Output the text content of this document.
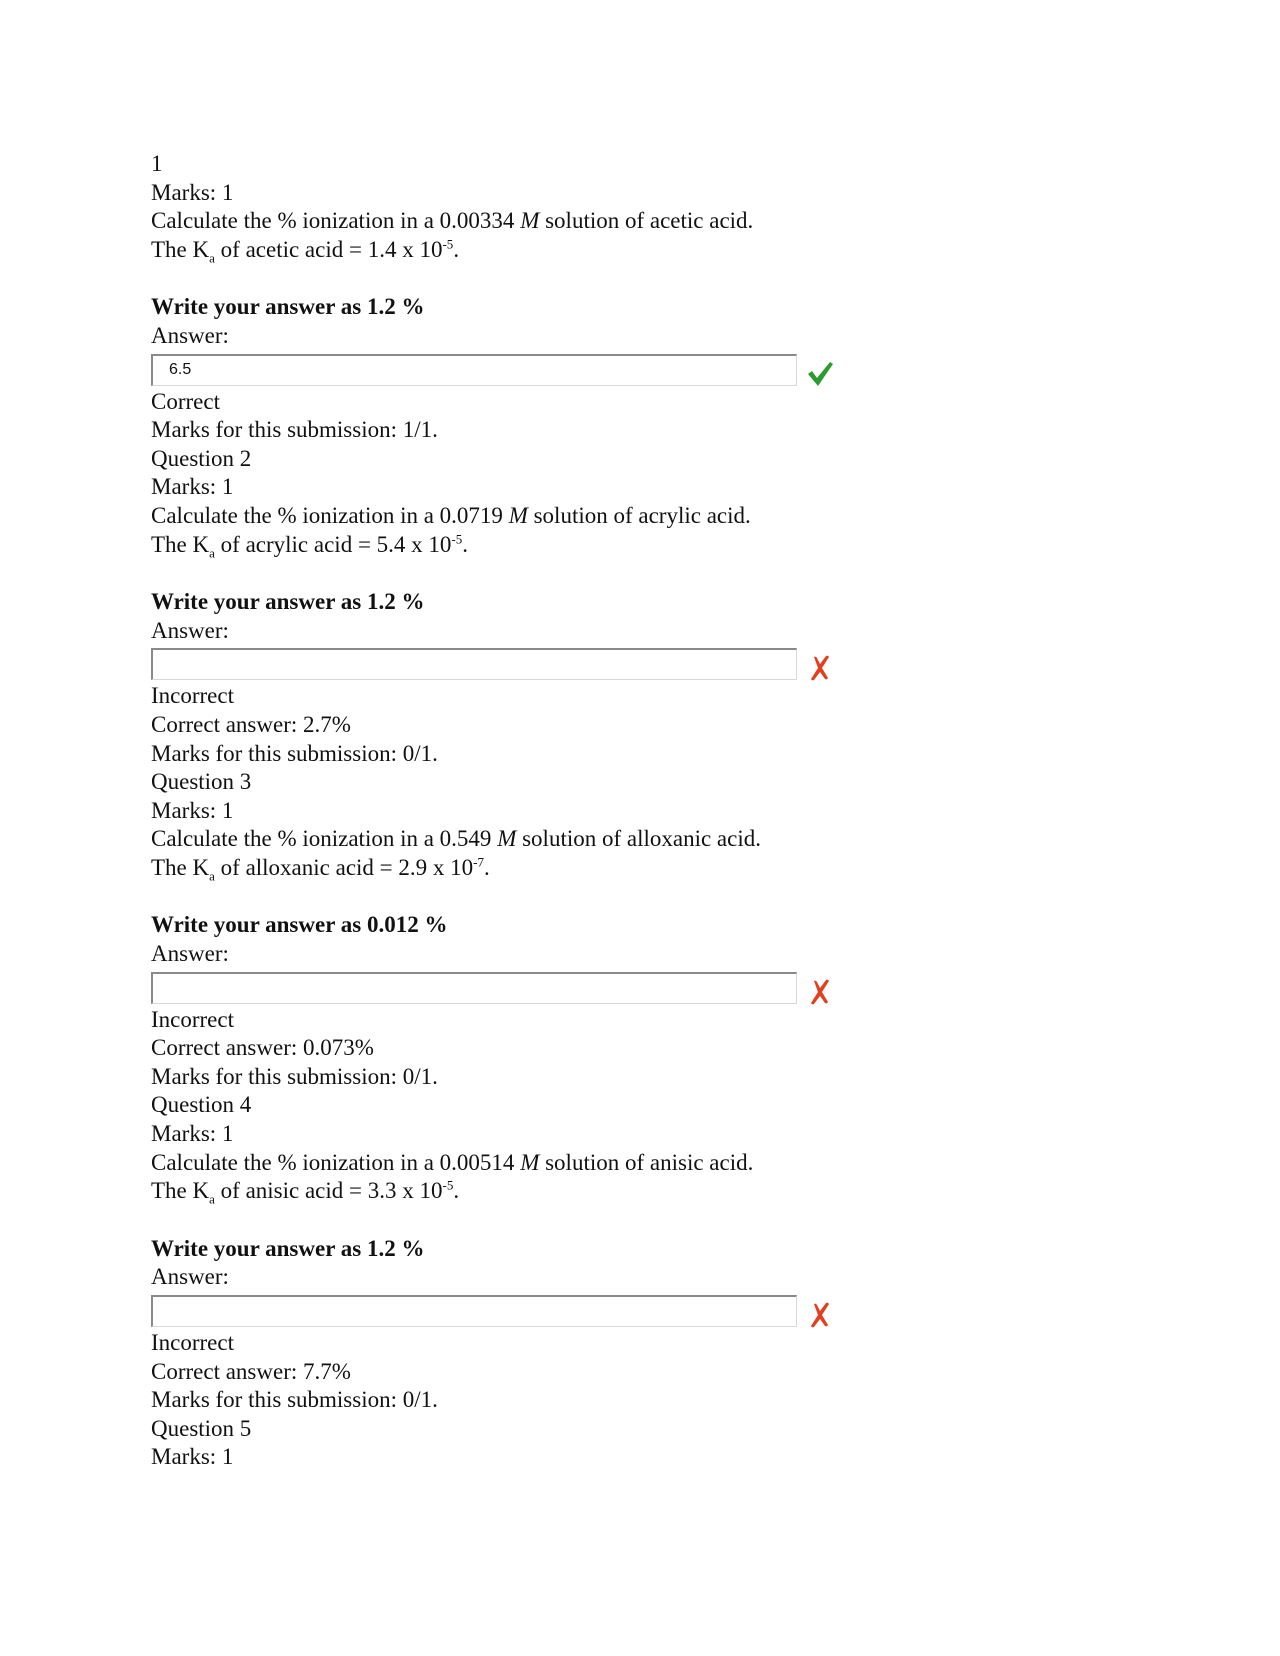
1
Marks: 1
Calculate the % ionization in a 0.00334 M solution of acetic acid.
The $K_a$ of acetic acid = 1.4 x $10^{-5}$.
Write your answer as 1.2 %
Answer:
6.5
Correct
Marks for this submission: 1/1.
Question 2
Marks: 1
Calculate the % ionization in a 0.0719 M solution of acrylic acid.
The $K_a$ of acrylic acid = 5.4 x $10^{-5}$.
Write your answer as 1.2 %
Answer:
Incorrect
Correct answer: 2.7%
Marks for this submission: 0/1.
Question 3
Marks: 1
Calculate the % ionization in a 0.549 M solution of alloxanic acid.
The $K_a$ of alloxanic acid = 2.9 x $10^{-7}$.
Write your answer as 0.012 %
Answer:
Incorrect
Correct answer: 0.073%
Marks for this submission: 0/1.
Question 4
Marks: 1
Calculate the % ionization in a 0.00514 M solution of anisic acid.
The $K_a$ of anisic acid = 3.3 x $10^{-5}$.
Write your answer as 1.2 %
Answer:
Incorrect
Correct answer: 7.7%
Marks for this submission: 0/1.
Question 5
Marks: 1
